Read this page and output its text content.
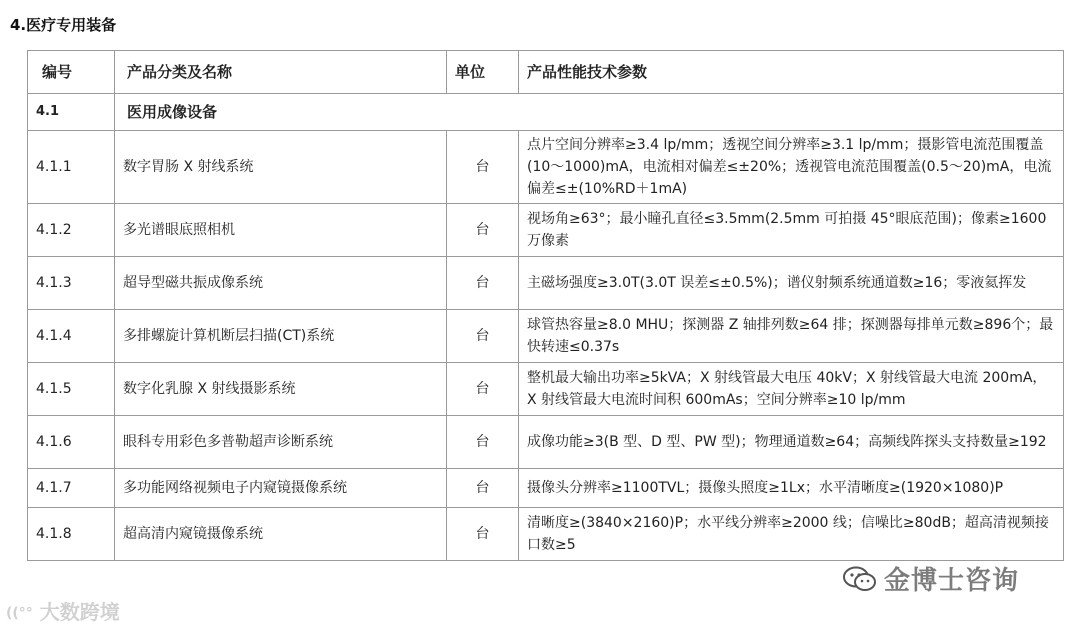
4.医疗专用装备
编号	产品分类及名称	单位	产品性能技术参数
4.1	医用成像设备		
4.1.1	数字胃肠 X 射线系统	台	点片空间分辨率≥3.4 lp/mm；透视空间分辨率≥3.1 lp/mm；摄影管电流范围覆盖(10～1000)mA，电流相对偏差≤±20%；透视管电流范围覆盖(0.5～20)mA，电流偏差≤±(10%RD＋1mA)
4.1.2	多光谱眼底照相机	台	视场角≥63°；最小瞳孔直径≤3.5mm(2.5mm 可拍摄 45°眼底范围)；像素≥1600 万像素
4.1.3	超导型磁共振成像系统	台	主磁场强度≥3.0T(3.0T 误差≤±0.5%)；谱仪射频系统通道数≥16；零液氦挥发
4.1.4	多排螺旋计算机断层扫描(CT)系统	台	球管热容量≥8.0 MHU；探测器 Z 轴排列数≥64 排；探测器每排单元数≥896个；最快转速≤0.37s
4.1.5	数字化乳腺 X 射线摄影系统	台	整机最大输出功率≥5kVA；X 射线管最大电压 40kV；X 射线管最大电流 200mA，X 射线管最大电流时间积 600mAs；空间分辨率≥10 lp/mm
4.1.6	眼科专用彩色多普勒超声诊断系统	台	成像功能≥3(B 型、D 型、PW 型)；物理通道数≥64；高频线阵探头支持数量≥192
4.1.7	多功能网络视频电子内窥镜摄像系统	台	摄像头分辨率≥1100TVL；摄像头照度≥1Lx；水平清晰度≥(1920×1080)P
4.1.8	超高清内窥镜摄像系统	台	清晰度≥(3840×2160)P；水平线分辨率≥2000 线；信噪比≥80dB；超高清视频接口数≥5
((°° 大数跨境
金博士咨询
